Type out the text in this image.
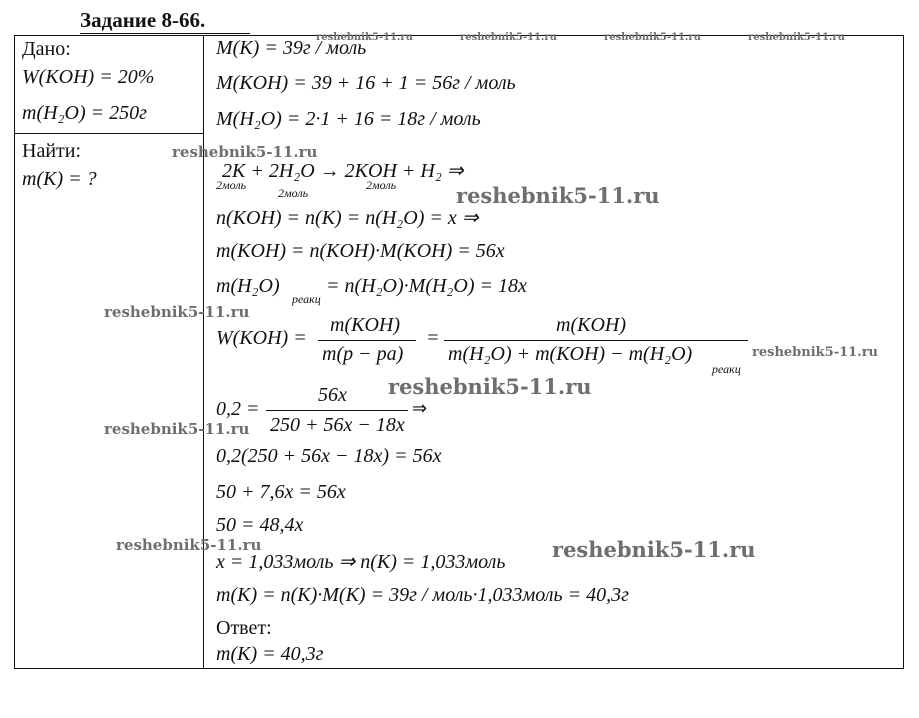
Задание 8-66.
Дано:
W(KOH) = 20%
m(H₂O) = 250г
Найти:
m(K) = ?
M(K) = 39г / моль
M(KOH) = 39 + 16 + 1 = 56г / моль
M(H₂O) = 2·1 + 16 = 18г / моль
2K + 2H₂O → 2KOH + H₂ ⇒
2моль
2моль
2моль
n(KOH) = n(K) = n(H₂O) = x ⇒
m(KOH) = n(KOH)·M(KOH) = 56x
m(H₂O)
реакц
= n(H₂O)·M(H₂O) = 18x
W(KOH) =
m(KOH)
m(p − pa)
=
m(KOH)
m(H₂O) + m(KOH) − m(H₂O)
реакц
0,2 =
56x
250 + 56x − 18x
⇒
0,2(250 + 56x − 18x) = 56x
50 + 7,6x = 56x
50 = 48,4x
x = 1,033моль ⇒ n(K) = 1,033моль
m(K) = n(K)·M(K) = 39г / моль·1,033моль = 40,3г
Ответ:
m(K) = 40,3г
reshebnik5-11.ru	reshebnik5-11.ru	reshebnik5-11.ru	reshebnik5-11.ru
reshebnik5-11.ru
reshebnik5-11.ru
reshebnik5-11.ru
reshebnik5-11.ru
reshebnik5-11.ru
reshebnik5-11.ru
reshebnik5-11.ru	reshebnik5-11.ru
